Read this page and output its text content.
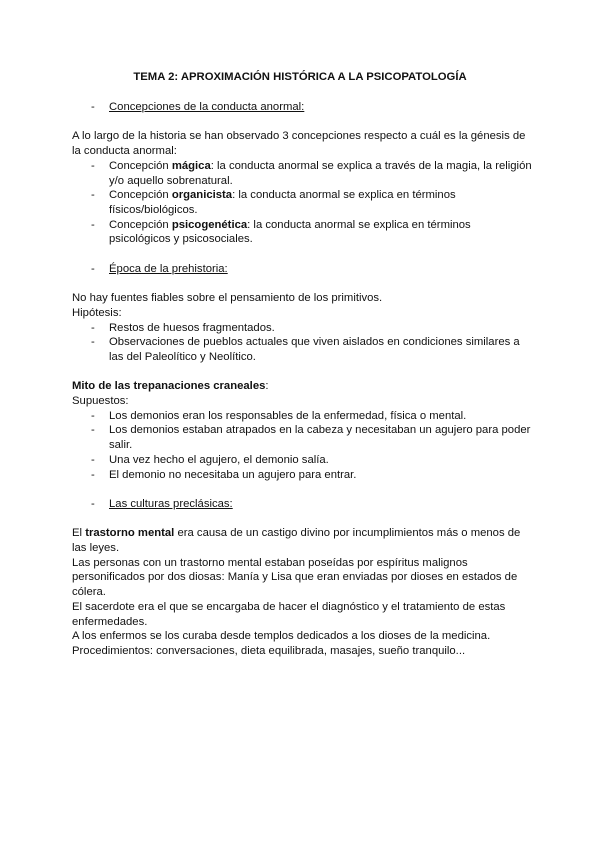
TEMA 2: APROXIMACIÓN HISTÓRICA A LA PSICOPATOLOGÍA
- Concepciones de la conducta anormal:

A lo largo de la historia se han observado 3 concepciones respecto a cuál es la génesis de la conducta anormal:

- Concepción mágica: la conducta anormal se explica a través de la magia, la religión y/o aquello sobrenatural.
- Concepción organicista: la conducta anormal se explica en términos físicos/biológicos.
- Concepción psicogenética: la conducta anormal se explica en términos psicológicos y psicosociales.
- Época de la prehistoria:

No hay fuentes fiables sobre el pensamiento de los primitivos.

Hipótesis:

- Restos de huesos fragmentados.
- Observaciones de pueblos actuales que viven aislados en condiciones similares a las del Paleolítico y Neolítico.

Mito de las trepanaciones craneales:

Supuestos:

- Los demonios eran los responsables de la enfermedad, física o mental.
- Los demonios estaban atrapados en la cabeza y necesitaban un agujero para poder salir.
- Una vez hecho el agujero, el demonio salía.
- El demonio no necesitaba un agujero para entrar.
- Las culturas preclásicas:

El trastorno mental era causa de un castigo divino por incumplimientos más o menos de las leyes.

Las personas con un trastorno mental estaban poseídas por espíritus malignos personificados por dos diosas: Manía y Lisa que eran enviadas por dioses en estados de cólera.

El sacerdote era el que se encargaba de hacer el diagnóstico y el tratamiento de estas enfermedades.

A los enfermos se los curaba desde templos dedicados a los dioses de la medicina.

Procedimientos: conversaciones, dieta equilibrada, masajes, sueño tranquilo...
